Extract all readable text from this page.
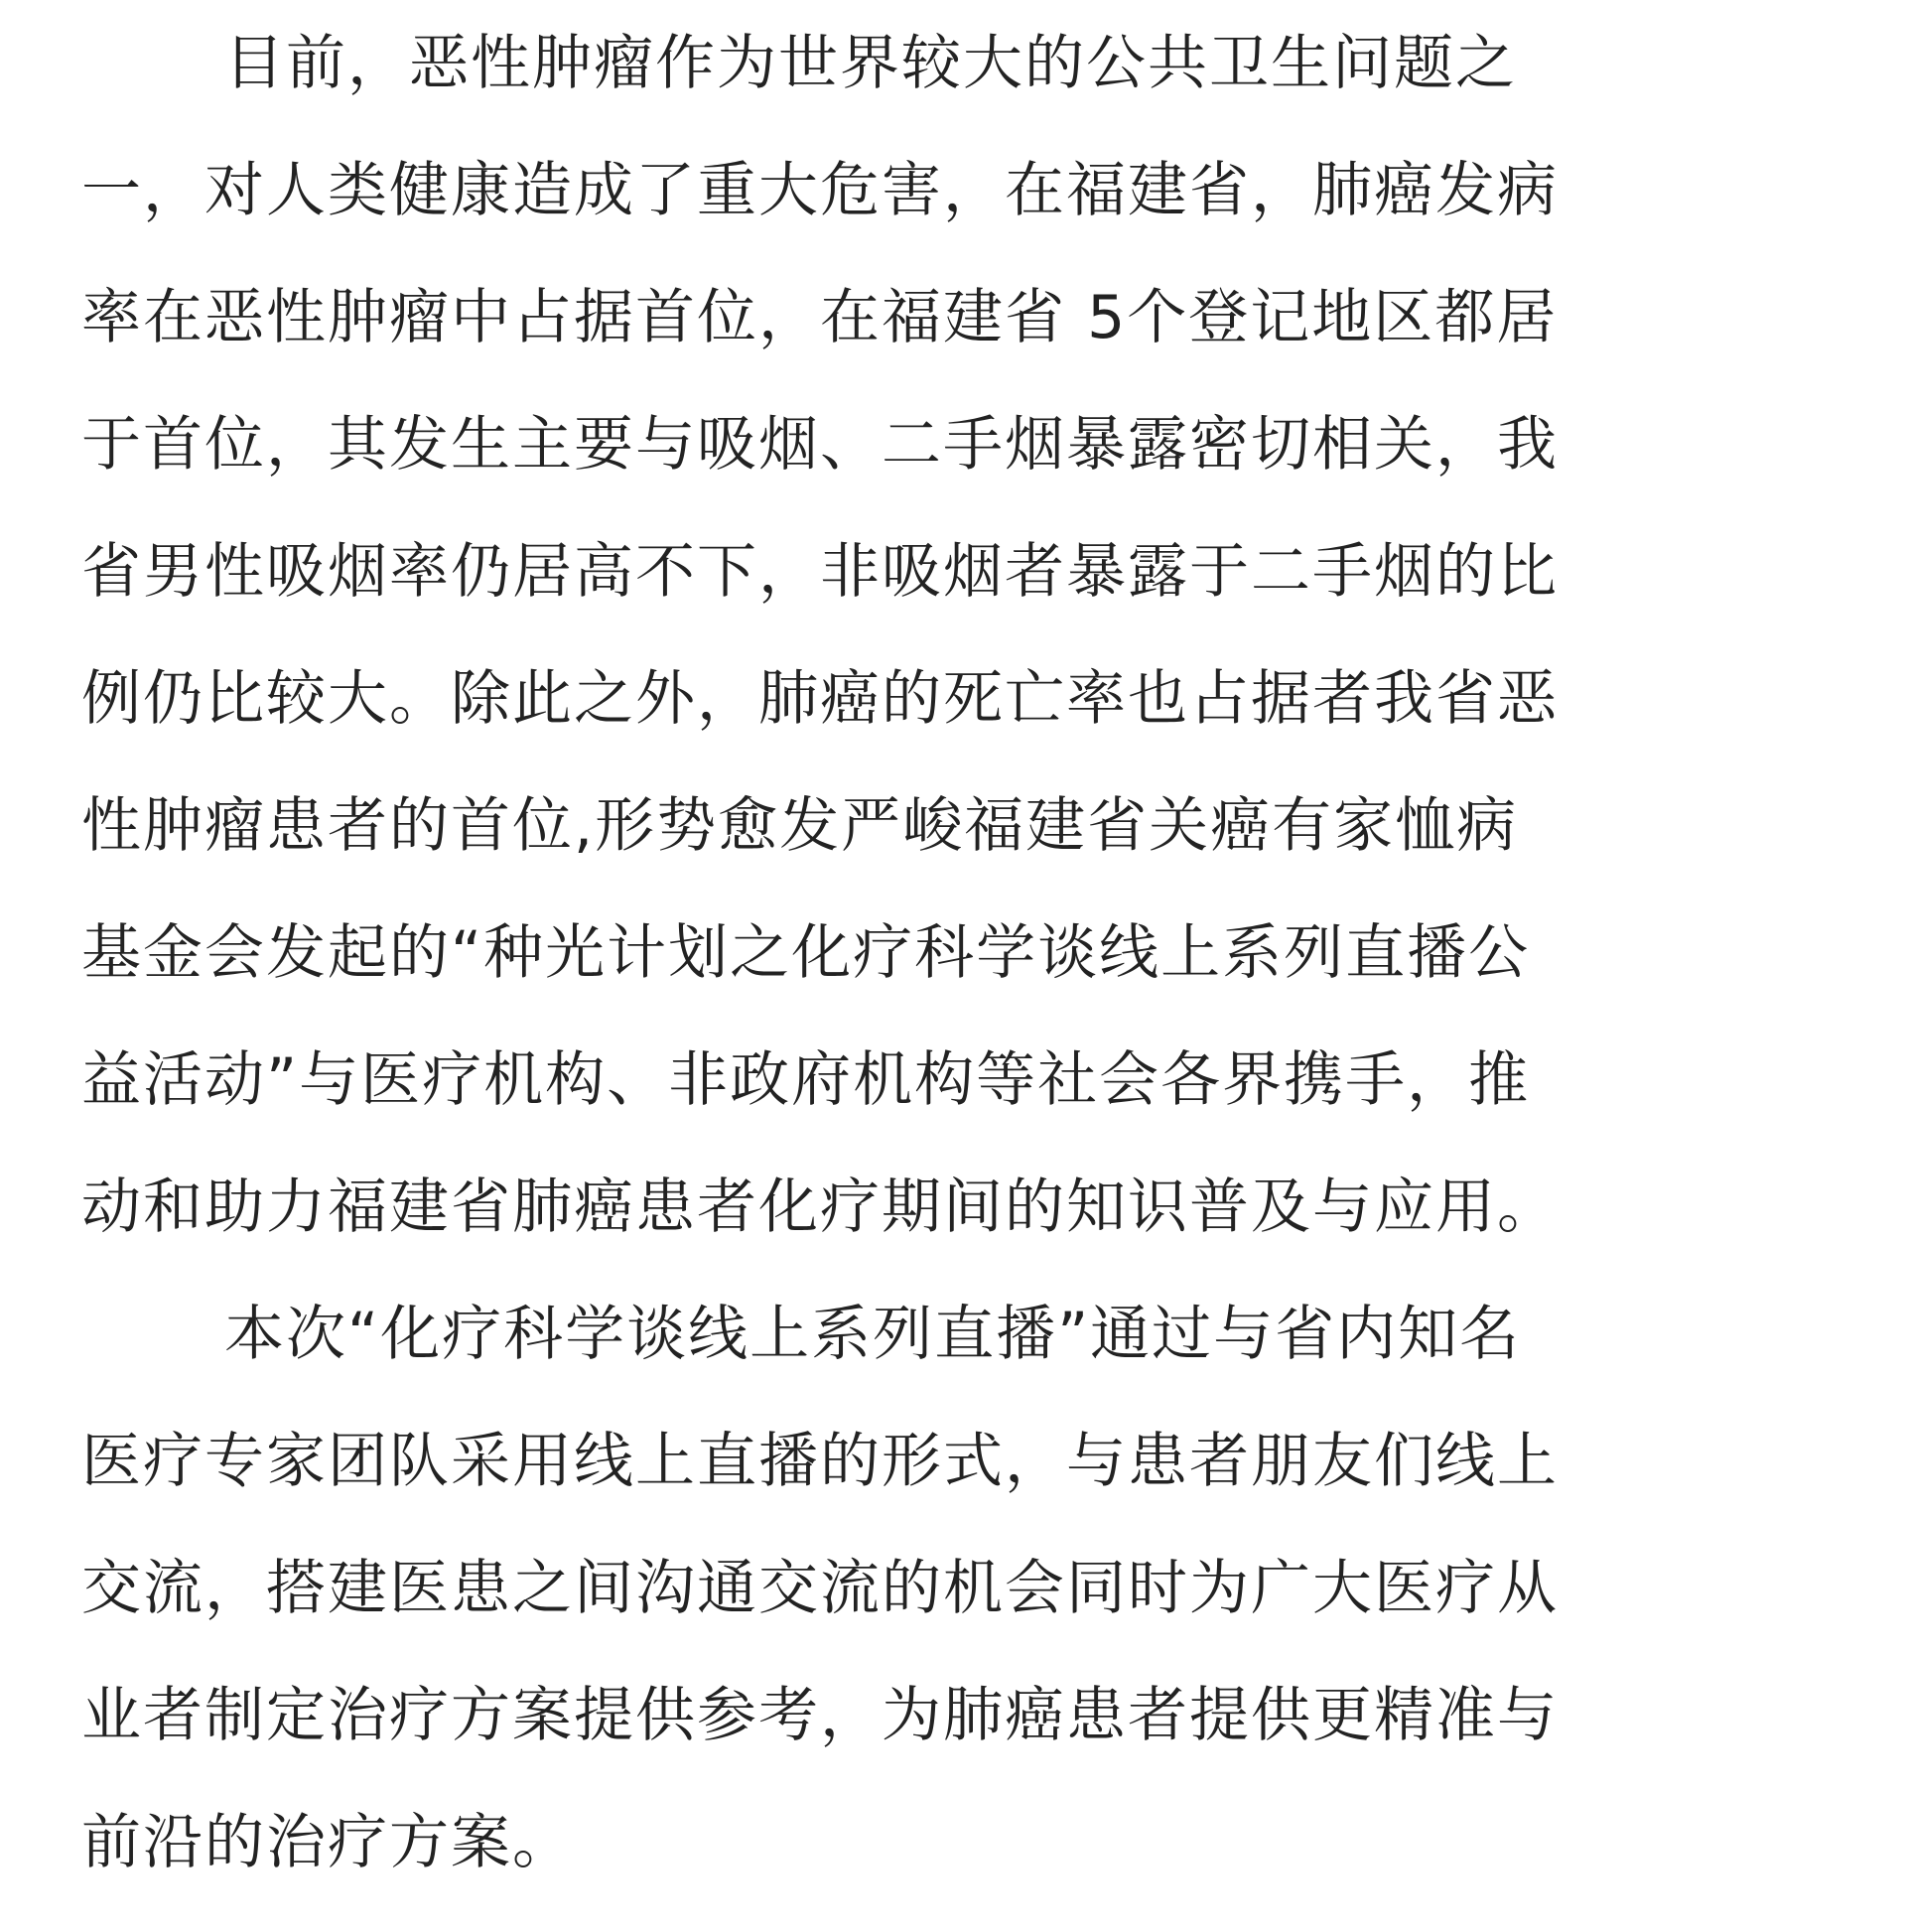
目前，恶性肿瘤作为世界较大的公共卫生问题之
一，对人类健康造成了重大危害，在福建省，肺癌发病
率在恶性肿瘤中占据首位，在福建省 5个登记地区都居
于首位，其发生主要与吸烟、二手烟暴露密切相关，我
省男性吸烟率仍居高不下，非吸烟者暴露于二手烟的比
例仍比较大。除此之外，肺癌的死亡率也占据者我省恶
性肿瘤患者的首位,形势愈发严峻福建省关癌有家恤病
基金会发起的“种光计划之化疗科学谈线上系列直播公
益活动”与医疗机构、非政府机构等社会各界携手，推
动和助力福建省肺癌患者化疗期间的知识普及与应用。
本次“化疗科学谈线上系列直播”通过与省内知名
医疗专家团队采用线上直播的形式，与患者朋友们线上
交流，搭建医患之间沟通交流的机会同时为广大医疗从
业者制定治疗方案提供参考，为肺癌患者提供更精准与
前沿的治疗方案。
